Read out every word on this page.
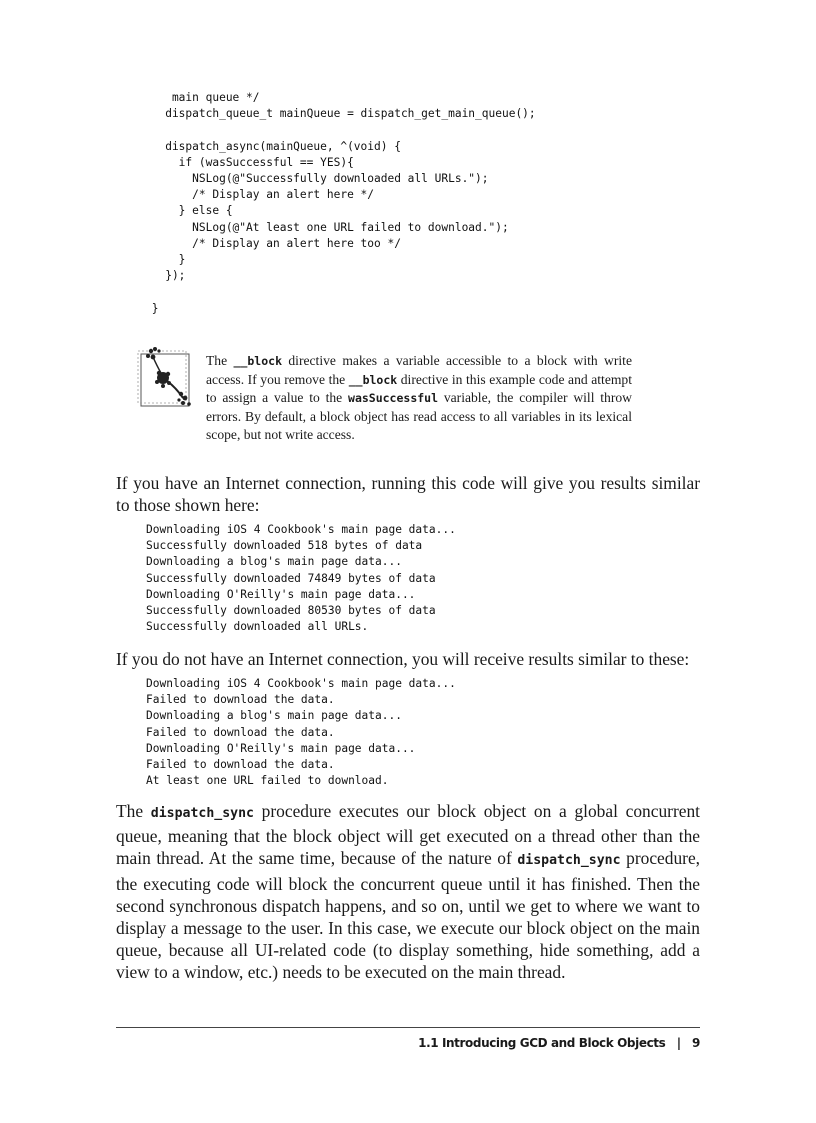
main queue */
dispatch_queue_t mainQueue = dispatch_get_main_queue();

dispatch_async(mainQueue, ^(void) {
if (wasSuccessful == YES){
NSLog(@"Successfully downloaded all URLs.");
/* Display an alert here */
} else {
NSLog(@"At least one URL failed to download.");
/* Display an alert here too */
}
});

}

The __block directive makes a variable accessible to a block with write access. If you remove the __block directive in this example code and attempt to assign a value to the wasSuccessful variable, the compiler will throw errors. By default, a block object has read access to all variables in its lexical scope, but not write access.

If you have an Internet connection, running this code will give you results similar to those shown here:

Downloading iOS 4 Cookbook's main page data...
Successfully downloaded 518 bytes of data
Downloading a blog's main page data...
Successfully downloaded 74849 bytes of data
Downloading O'Reilly's main page data...
Successfully downloaded 80530 bytes of data
Successfully downloaded all URLs.

If you do not have an Internet connection, you will receive results similar to these:

Downloading iOS 4 Cookbook's main page data...
Failed to download the data.
Downloading a blog's main page data...
Failed to download the data.
Downloading O'Reilly's main page data...
Failed to download the data.
At least one URL failed to download.

The dispatch_sync procedure executes our block object on a global concurrent queue, meaning that the block object will get executed on a thread other than the main thread. At the same time, because of the nature of dispatch_sync procedure, the executing code will block the concurrent queue until it has finished. Then the second synchronous dispatch happens, and so on, until we get to where we want to display a message to the user. In this case, we execute our block object on the main queue, because all UI-related code (to display something, hide something, add a view to a window, etc.) needs to be executed on the main thread.

1.1 Introducing GCD and Block Objects | 9
